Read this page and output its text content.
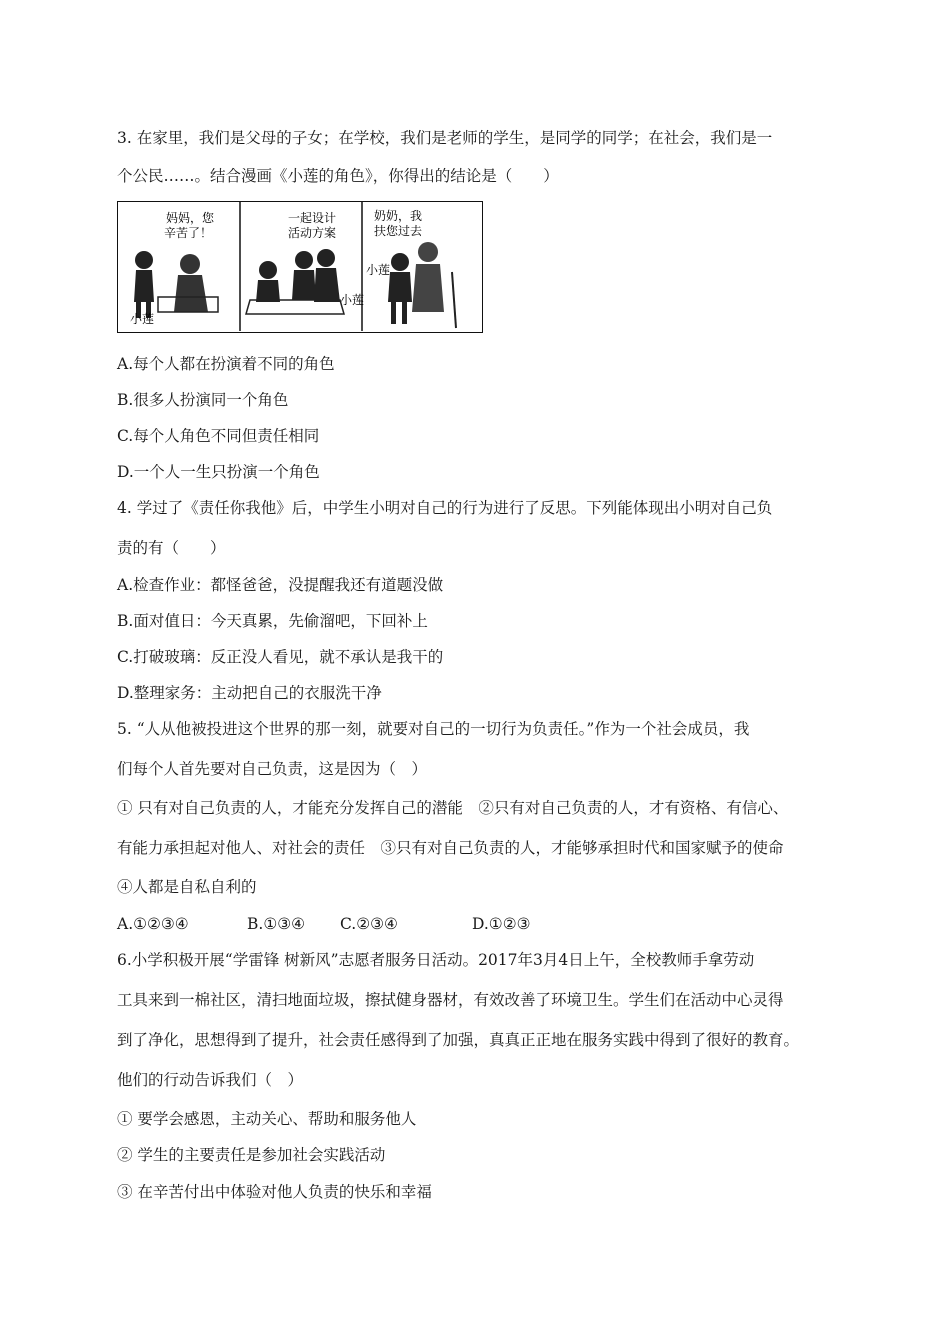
3. 在家里，我们是父母的子女；在学校，我们是老师的学生，是同学的同学；在社会，我们是一
个公民……。结合漫画《小莲的角色》，你得出的结论是（　　）
妈妈，您
辛苦了！
小莲
一起设计
活动方案
小莲
奶奶，我
扶您过去
小莲
A.每个人都在扮演着不同的角色
B.很多人扮演同一个角色
C.每个人角色不同但责任相同
D.一个人一生只扮演一个角色
4. 学过了《责任你我他》后，中学生小明对自己的行为进行了反思。下列能体现出小明对自己负
责的有（　　）
A.检查作业：都怪爸爸，没提醒我还有道题没做
B.面对值日：今天真累，先偷溜吧，下回补上
C.打破玻璃：反正没人看见，就不承认是我干的
D.整理家务：主动把自己的衣服洗干净
5. “人从他被投进这个世界的那一刻，就要对自己的一切行为负责任。”作为一个社会成员，我
们每个人首先要对自己负责，这是因为（　）
① 只有对自己负责的人，才能充分发挥自己的潜能　②只有对自己负责的人，才有资格、有信心、
有能力承担起对他人、对社会的责任　③只有对自己负责的人，才能够承担时代和国家赋予的使命
④人都是自私自利的
A.①②③④	B.①③④ C.②③④	D.①②③
6.小学积极开展“学雷锋 树新风”志愿者服务日活动。2017年3月4日上午，全校教师手拿劳动
工具来到一棉社区，清扫地面垃圾，擦拭健身器材，有效改善了环境卫生。学生们在活动中心灵得
到了净化，思想得到了提升，社会责任感得到了加强，真真正正地在服务实践中得到了很好的教育。
他们的行动告诉我们（　）
① 要学会感恩，主动关心、帮助和服务他人
② 学生的主要责任是参加社会实践活动
③ 在辛苦付出中体验对他人负责的快乐和幸福
